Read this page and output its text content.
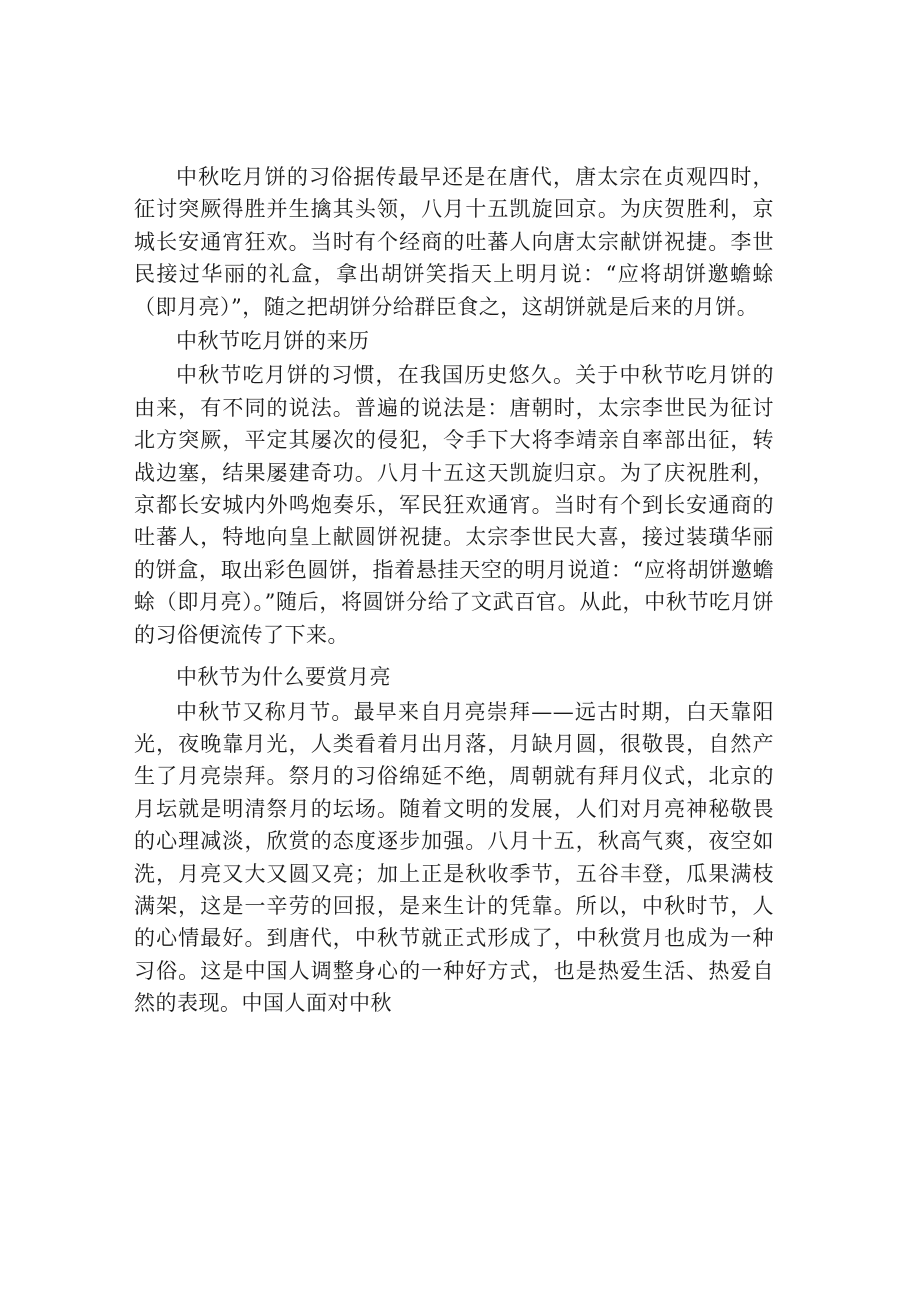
中秋吃月饼的习俗据传最早还是在唐代，唐太宗在贞观四时，征讨突厥得胜并生擒其头领，八月十五凯旋回京。为庆贺胜利，京城长安通宵狂欢。当时有个经商的吐蕃人向唐太宗献饼祝捷。李世民接过华丽的礼盒，拿出胡饼笑指天上明月说：“应将胡饼邀蟾蜍（即月亮）”，随之把胡饼分给群臣食之，这胡饼就是后来的月饼。

中秋节吃月饼的来历

中秋节吃月饼的习惯，在我国历史悠久。关于中秋节吃月饼的由来，有不同的说法。普遍的说法是：唐朝时，太宗李世民为征讨北方突厥，平定其屡次的侵犯，令手下大将李靖亲自率部出征，转战边塞，结果屡建奇功。八月十五这天凯旋归京。为了庆祝胜利，京都长安城内外鸣炮奏乐，军民狂欢通宵。当时有个到长安通商的吐蕃人，特地向皇上献圆饼祝捷。太宗李世民大喜，接过装璜华丽的饼盒，取出彩色圆饼，指着悬挂天空的明月说道：“应将胡饼邀蟾蜍（即月亮）。”随后，将圆饼分给了文武百官。从此，中秋节吃月饼的习俗便流传了下来。

中秋节为什么要赏月亮

中秋节又称月节。最早来自月亮崇拜——远古时期，白天靠阳光，夜晚靠月光，人类看着月出月落，月缺月圆，很敬畏，自然产生了月亮崇拜。祭月的习俗绵延不绝，周朝就有拜月仪式，北京的月坛就是明清祭月的坛场。随着文明的发展，人们对月亮神秘敬畏的心理减淡，欣赏的态度逐步加强。八月十五，秋高气爽，夜空如洗，月亮又大又圆又亮；加上正是秋收季节，五谷丰登，瓜果满枝满架，这是一辛劳的回报，是来生计的凭靠。所以，中秋时节，人的心情最好。到唐代，中秋节就正式形成了，中秋赏月也成为一种习俗。这是中国人调整身心的一种好方式，也是热爱生活、热爱自然的表现。中国人面对中秋
